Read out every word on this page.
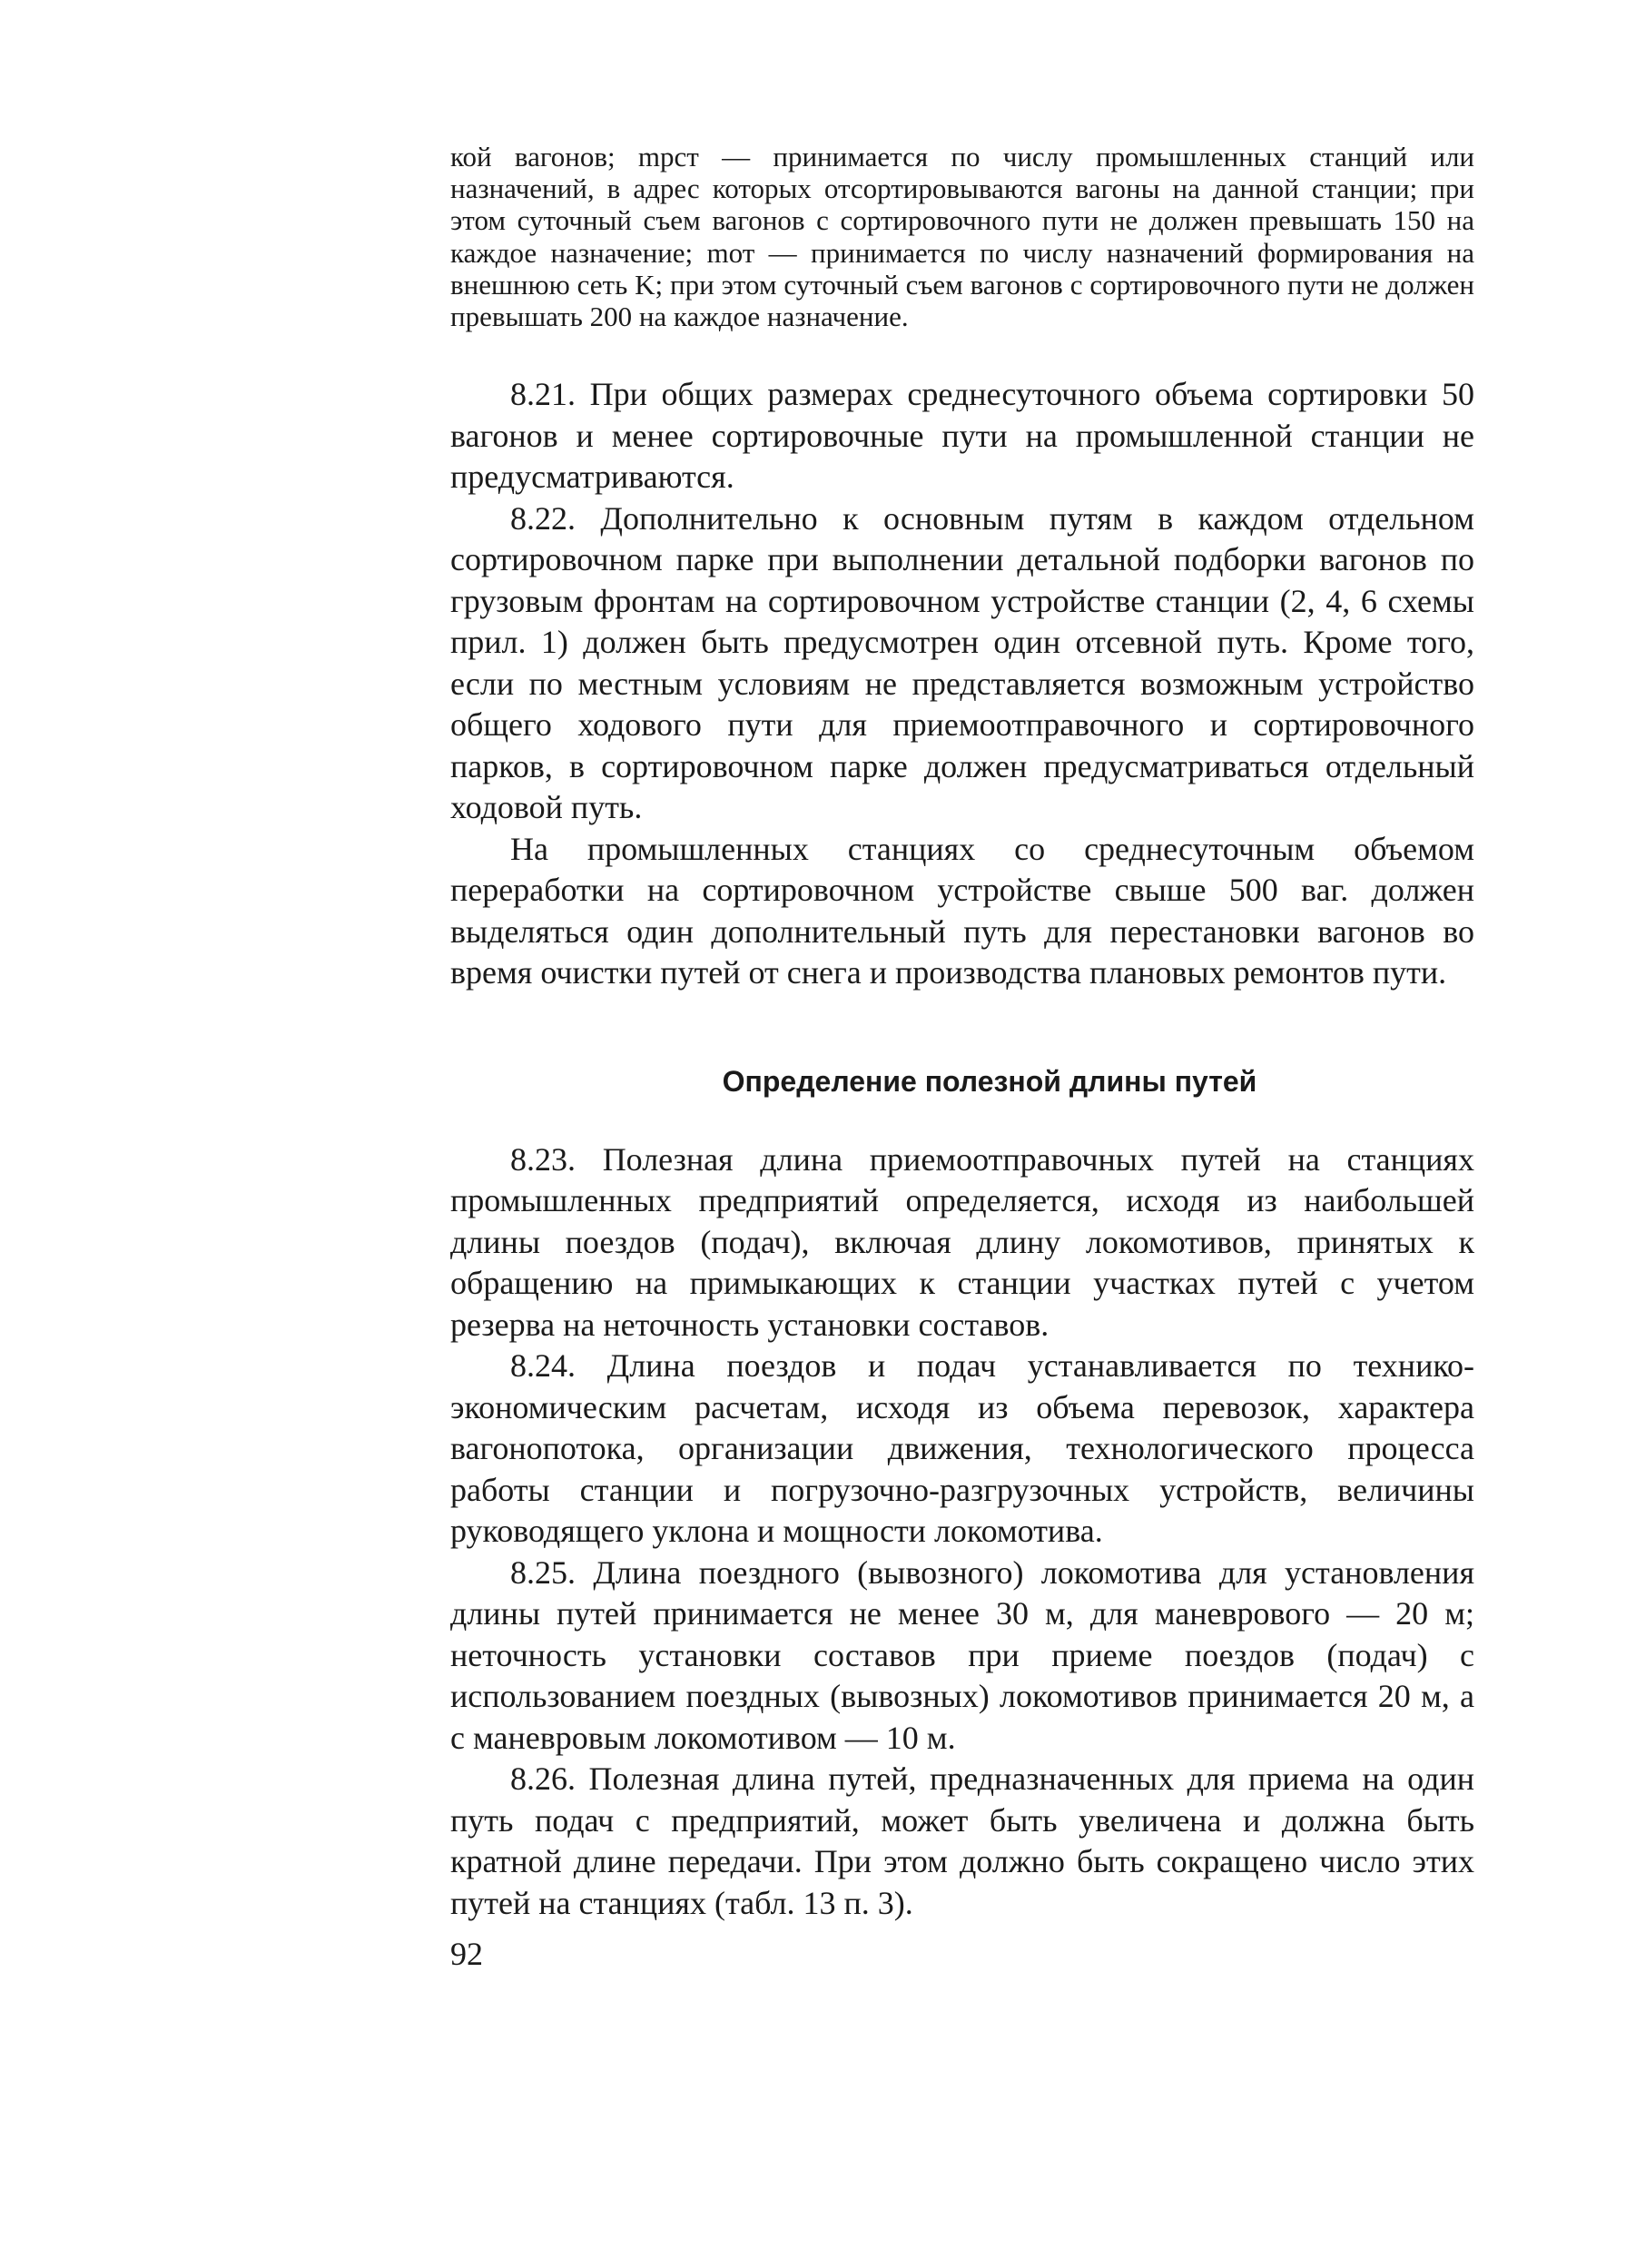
кой вагонов; mрст — принимается по числу промышленных станций или назначений, в адрес которых отсортировываются вагоны на данной станции; при этом суточный съем вагонов с сортировочного пути не должен превышать 150 на каждое назначение; mот — принимается по числу назначений формирования на внешнюю сеть K; при этом суточный съем вагонов с сортировочного пути не должен превышать 200 на каждое назначение.

8.21. При общих размерах среднесуточного объема сортировки 50 вагонов и менее сортировочные пути на промышленной станции не предусматриваются.

8.22. Дополнительно к основным путям в каждом отдельном сортировочном парке при выполнении детальной подборки вагонов по грузовым фронтам на сортировочном устройстве станции (2, 4, 6 схемы прил. 1) должен быть предусмотрен один отсевной путь. Кроме того, если по местным условиям не представляется возможным устройство общего ходового пути для приемоотправочного и сортировочного парков, в сортировочном парке должен предусматриваться отдельный ходовой путь.

На промышленных станциях со среднесуточным объемом переработки на сортировочном устройстве свыше 500 ваг. должен выделяться один дополнительный путь для перестановки вагонов во время очистки путей от снега и производства плановых ремонтов пути.

Определение полезной длины путей

8.23. Полезная длина приемоотправочных путей на станциях промышленных предприятий определяется, исходя из наибольшей длины поездов (подач), включая длину локомотивов, принятых к обращению на примыкающих к станции участках путей с учетом резерва на неточность установки составов.

8.24. Длина поездов и подач устанавливается по технико-экономическим расчетам, исходя из объема перевозок, характера вагонопотока, организации движения, технологического процесса работы станции и погрузочно-разгрузочных устройств, величины руководящего уклона и мощности локомотива.

8.25. Длина поездного (вывозного) локомотива для установления длины путей принимается не менее 30 м, для маневрового — 20 м; неточность установки составов при приеме поездов (подач) с использованием поездных (вывозных) локомотивов принимается 20 м, а с маневровым локомотивом — 10 м.

8.26. Полезная длина путей, предназначенных для приема на один путь подач с предприятий, может быть увеличена и должна быть кратной длине передачи. При этом должно быть сокращено число этих путей на станциях (табл. 13 п. 3).

92
